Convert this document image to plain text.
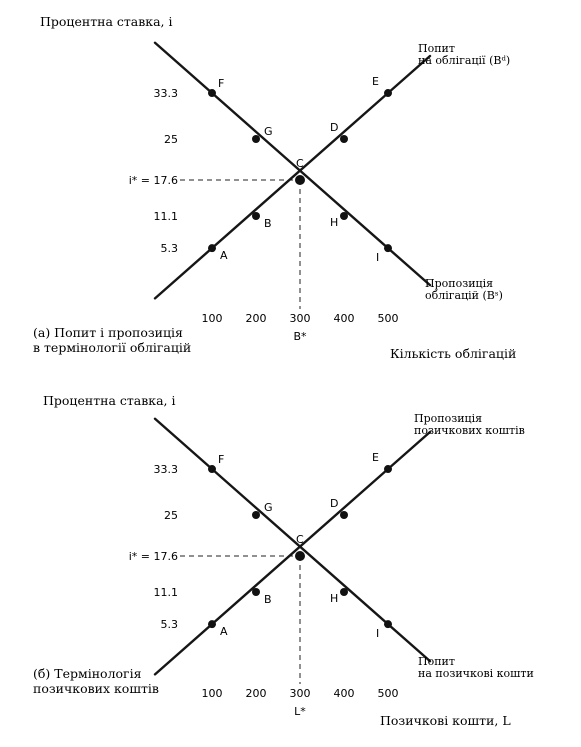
Процентна ставка, i
5.3
11.1
25
33.3
100 200 300 400 500
i* = 17.6
B*
A
B
C
D
E
Попит
на облігації (Bᵈ)
F
G
H
I
Пропозиція
облігацій (Bˢ)
(a) Попит і пропозиція
в термінології облігацій	Кількість облігацій
Процентна ставка, i
5.3
11.1
25
33.3
100 200 300 400 500
i* = 17.6
L*
A
B
C
D
E
Пропозиція
позичкових коштів
F
G
H
I
Попит
на позичкові кошти
(б) Термінологія
позичкових коштів
Позичкові кошти, L
